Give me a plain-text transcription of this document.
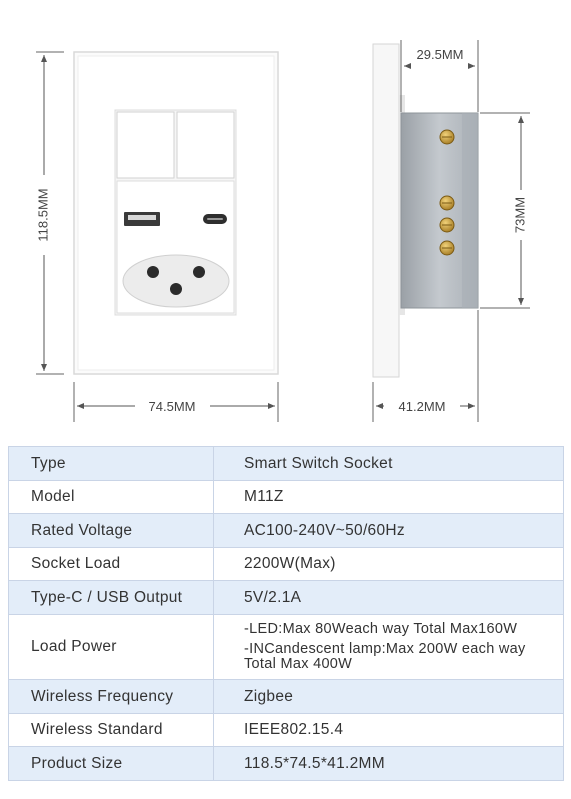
118.5MM
74.5MM
29.5MM
73MM
41.2MM
Type	Smart Switch Socket
Model	M11Z
Rated Voltage	AC100-240V~50/60Hz
Socket Load	2200W(Max)
Type-C / USB Output	5V/2.1A
Load Power	-LED:Max 80Weach way Total Max160W
-INCandescent lamp:Max 200W each way
Total Max 400W

Wireless Frequency	Zigbee
Wireless Standard	IEEE802.15.4
Product Size	118.5*74.5*41.2MM
